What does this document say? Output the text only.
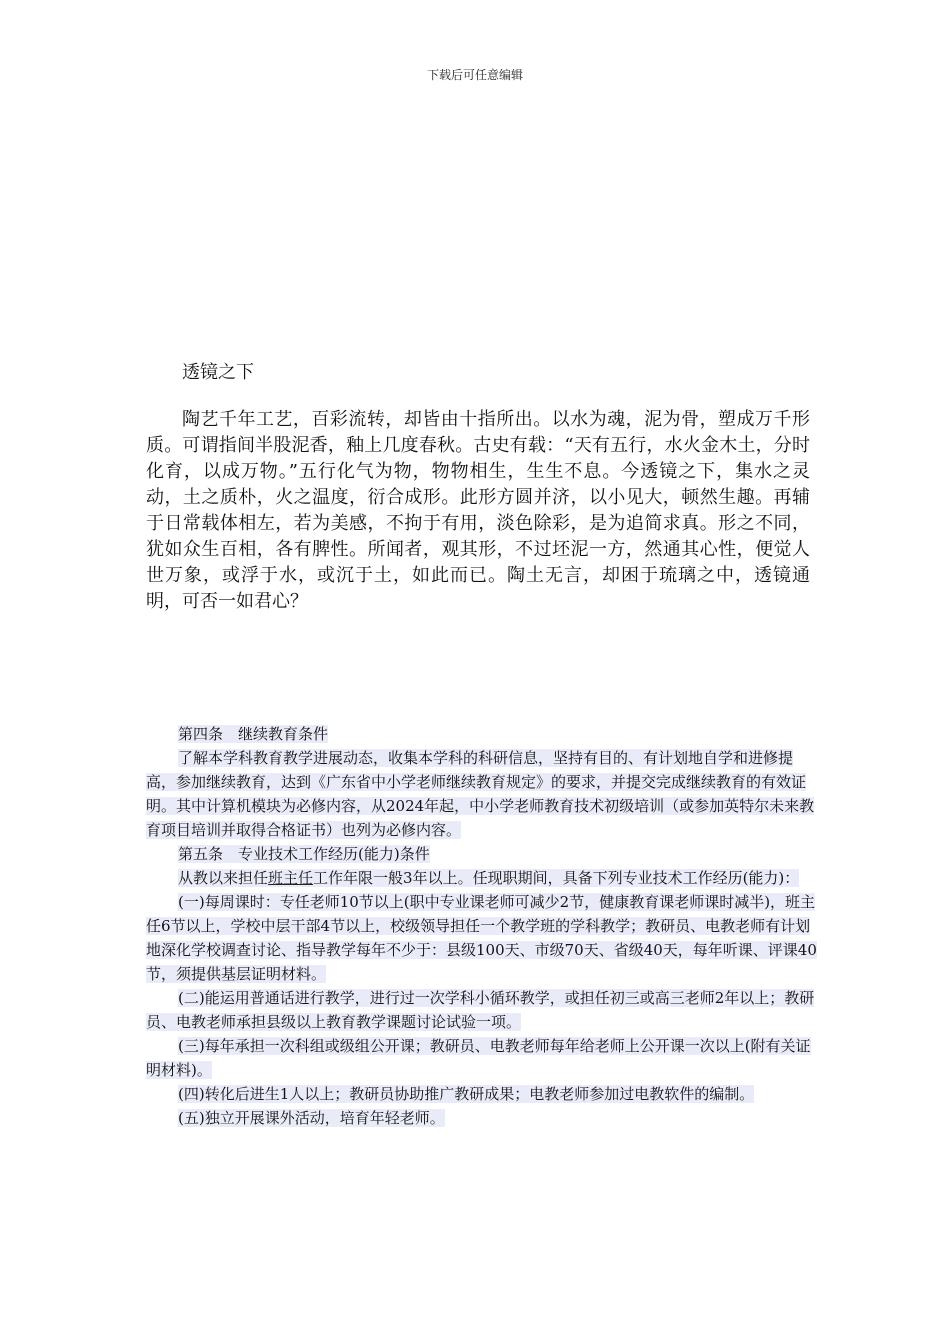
下载后可任意编辑
透镜之下
陶艺千年工艺，百彩流转，却皆由十指所出。以水为魂，泥为骨，塑成万千形质。可谓指间半股泥香，釉上几度春秋。古史有载：“天有五行，水火金木土，分时化育，以成万物。”五行化气为物，物物相生，生生不息。今透镜之下，集水之灵动，土之质朴，火之温度，衍合成形。此形方圆并济，以小见大，顿然生趣。再辅于日常载体相左，若为美感，不拘于有用，淡色除彩，是为追简求真。形之不同，犹如众生百相，各有脾性。所闻者，观其形，不过坯泥一方，然通其心性，便觉人世万象，或浮于水，或沉于土，如此而已。陶土无言，却困于琉璃之中，透镜通明，可否一如君心？

第四条　继续教育条件

了解本学科教育教学进展动态，收集本学科的科研信息，坚持有目的、有计划地自学和进修提高，参加继续教育，达到《广东省中小学老师继续教育规定》的要求，并提交完成继续教育的有效证明。其中计算机模块为必修内容，从2024年起，中小学老师教育技术初级培训（或参加英特尔未来教育项目培训并取得合格证书）也列为必修内容。

第五条　专业技术工作经历(能力)条件

从教以来担任班主任工作年限一般3年以上。任现职期间，具备下列专业技术工作经历(能力)：

(一)每周课时：专任老师10节以上(职中专业课老师可减少2节，健康教育课老师课时减半)，班主任6节以上，学校中层干部4节以上，校级领导担任一个教学班的学科教学；教研员、电教老师有计划地深化学校调查讨论、指导教学每年不少于：县级100天、市级70天、省级40天，每年听课、评课40节，须提供基层证明材料。

(二)能运用普通话进行教学，进行过一次学科小循环教学，或担任初三或高三老师2年以上；教研员、电教老师承担县级以上教育教学课题讨论试验一项。

(三)每年承担一次科组或级组公开课；教研员、电教老师每年给老师上公开课一次以上(附有关证明材料)。

(四)转化后进生1人以上；教研员协助推广教研成果；电教老师参加过电教软件的编制。

(五)独立开展课外活动，培育年轻老师。
